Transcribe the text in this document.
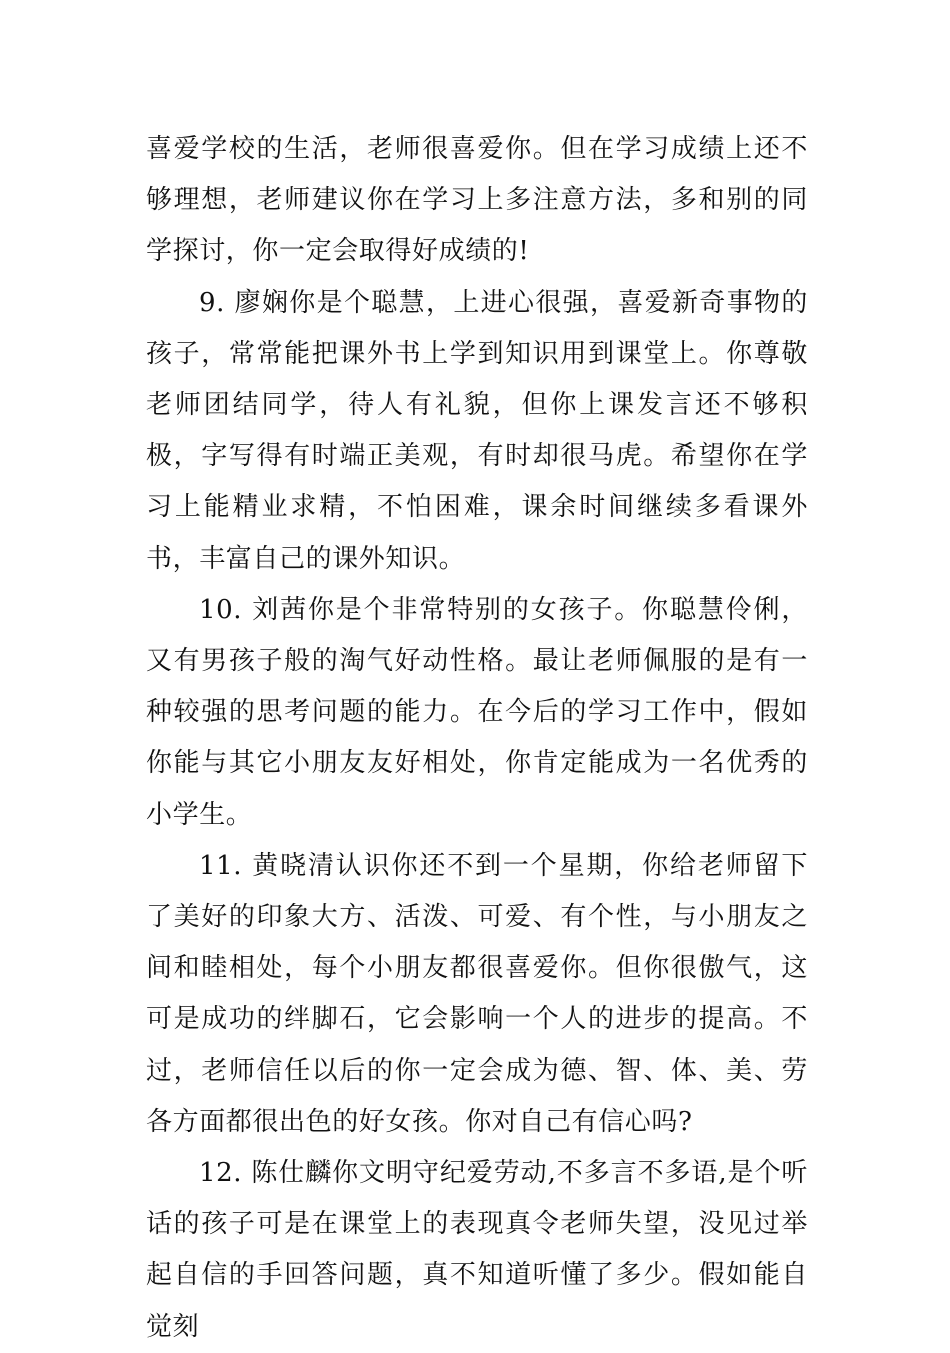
喜爱学校的生活，老师很喜爱你。但在学习成绩上还不够理想，老师建议你在学习上多注意方法，多和别的同学探讨，你一定会取得好成绩的!

9. 廖娴你是个聪慧，上进心很强，喜爱新奇事物的孩子，常常能把课外书上学到知识用到课堂上。你尊敬老师团结同学，待人有礼貌，但你上课发言还不够积极，字写得有时端正美观，有时却很马虎。希望你在学习上能精业求精，不怕困难，课余时间继续多看课外书，丰富自己的课外知识。

10. 刘茜你是个非常特别的女孩子。你聪慧伶俐，又有男孩子般的淘气好动性格。最让老师佩服的是有一种较强的思考问题的能力。在今后的学习工作中，假如你能与其它小朋友友好相处，你肯定能成为一名优秀的小学生。

11. 黄晓清认识你还不到一个星期，你给老师留下了美好的印象大方、活泼、可爱、有个性，与小朋友之间和睦相处，每个小朋友都很喜爱你。但你很傲气，这可是成功的绊脚石，它会影响一个人的进步的提高。不过，老师信任以后的你一定会成为德、智、体、美、劳各方面都很出色的好女孩。你对自己有信心吗?

12. 陈仕麟你文明守纪爱劳动,不多言不多语,是个听话的孩子可是在课堂上的表现真令老师失望，没见过举起自信的手回答问题，真不知道听懂了多少。假如能自觉刻
